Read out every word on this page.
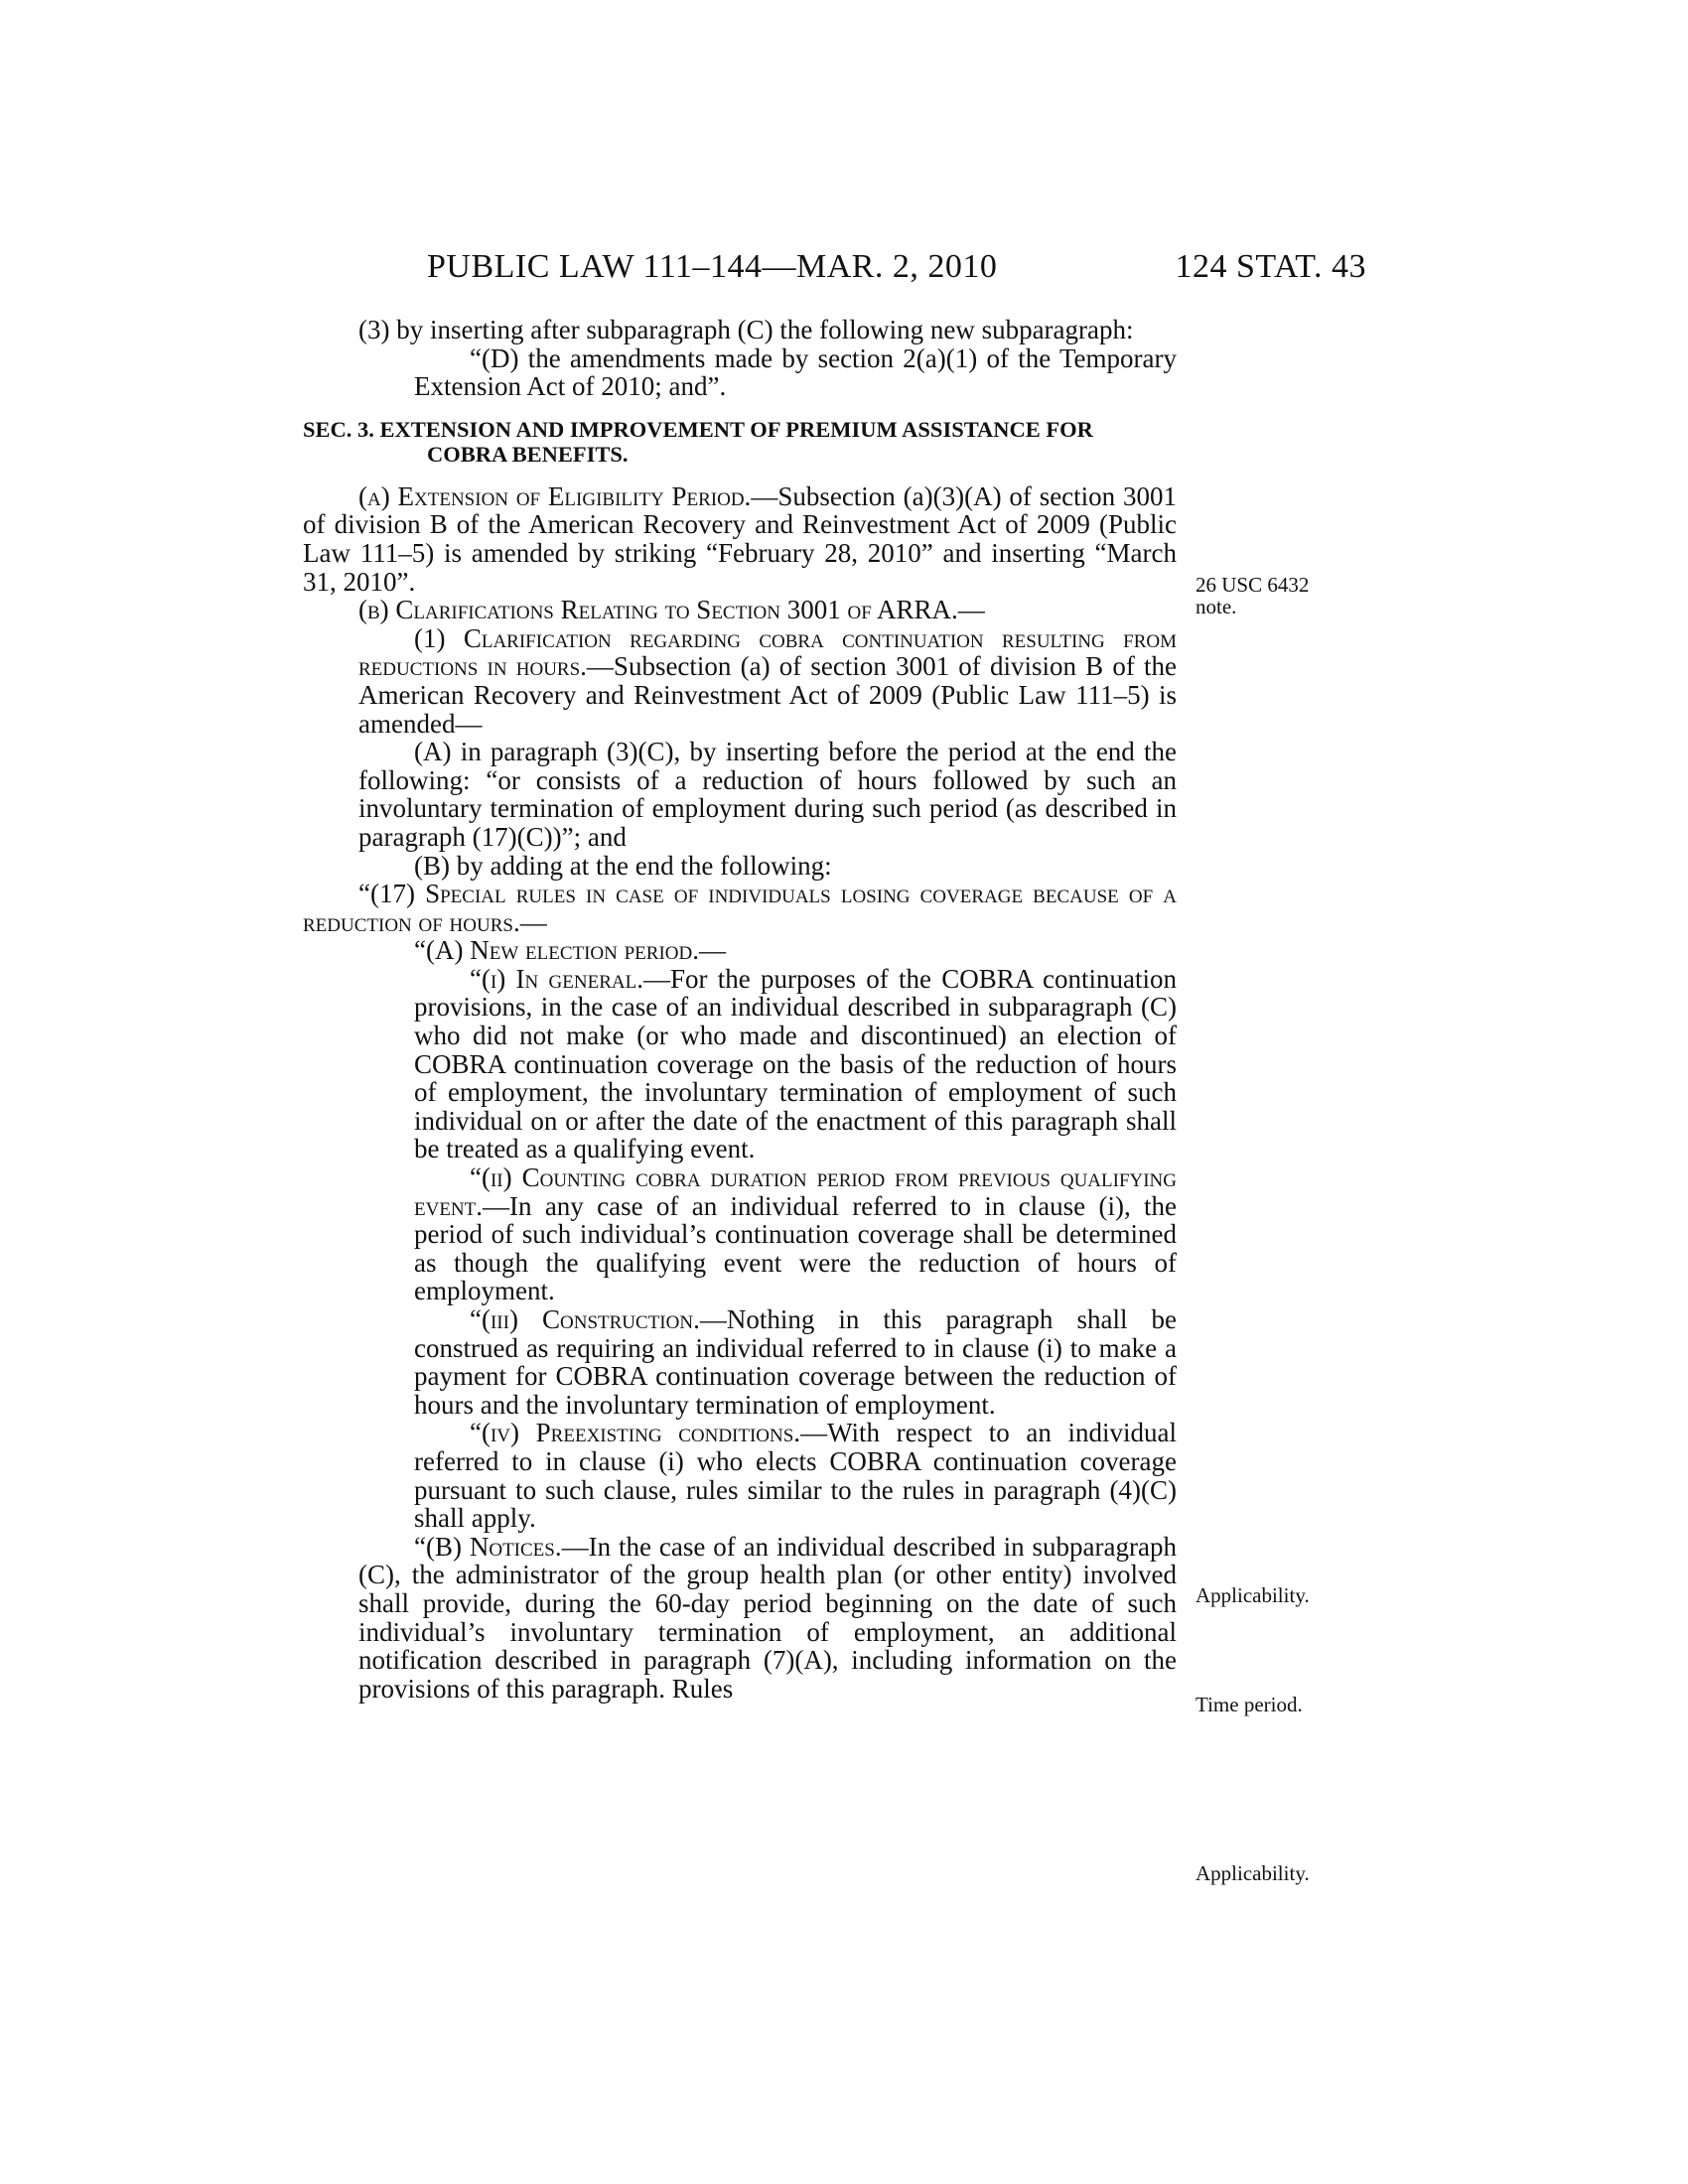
PUBLIC LAW 111–144—MAR. 2, 2010	124 STAT. 43

(3) by inserting after subparagraph (C) the following new subparagraph:

“(D) the amendments made by section 2(a)(1) of the Temporary Extension Act of 2010; and”.

SEC. 3. EXTENSION AND IMPROVEMENT OF PREMIUM ASSISTANCE FOR COBRA BENEFITS.

(a) Extension of Eligibility Period.—Subsection (a)(3)(A) of section 3001 of division B of the American Recovery and Reinvestment Act of 2009 (Public Law 111–5) is amended by striking “February 28, 2010” and inserting “March 31, 2010”.

(b) Clarifications Relating to Section 3001 of ARRA.—

(1) Clarification regarding cobra continuation resulting from reductions in hours.—Subsection (a) of section 3001 of division B of the American Recovery and Reinvestment Act of 2009 (Public Law 111–5) is amended—

(A) in paragraph (3)(C), by inserting before the period at the end the following: “or consists of a reduction of hours followed by such an involuntary termination of employment during such period (as described in paragraph (17)(C))”; and

(B) by adding at the end the following:

“(17) Special rules in case of individuals losing coverage because of a reduction of hours.—

“(A) New election period.—

“(i) In general.—For the purposes of the COBRA continuation provisions, in the case of an individual described in subparagraph (C) who did not make (or who made and discontinued) an election of COBRA continuation coverage on the basis of the reduction of hours of employment, the involuntary termination of employment of such individual on or after the date of the enactment of this paragraph shall be treated as a qualifying event.

“(ii) Counting cobra duration period from previous qualifying event.—In any case of an individual referred to in clause (i), the period of such individual’s continuation coverage shall be determined as though the qualifying event were the reduction of hours of employment.

“(iii) Construction.—Nothing in this paragraph shall be construed as requiring an individual referred to in clause (i) to make a payment for COBRA continuation coverage between the reduction of hours and the involuntary termination of employment.

“(iv) Preexisting conditions.—With respect to an individual referred to in clause (i) who elects COBRA continuation coverage pursuant to such clause, rules similar to the rules in paragraph (4)(C) shall apply.

“(B) Notices.—In the case of an individual described in subparagraph (C), the administrator of the group health plan (or other entity) involved shall provide, during the 60-day period beginning on the date of such individual’s involuntary termination of employment, an additional notification described in paragraph (7)(A), including information on the provisions of this paragraph. Rules

26 USC 6432
note.
Applicability.
Time period.
Applicability.
